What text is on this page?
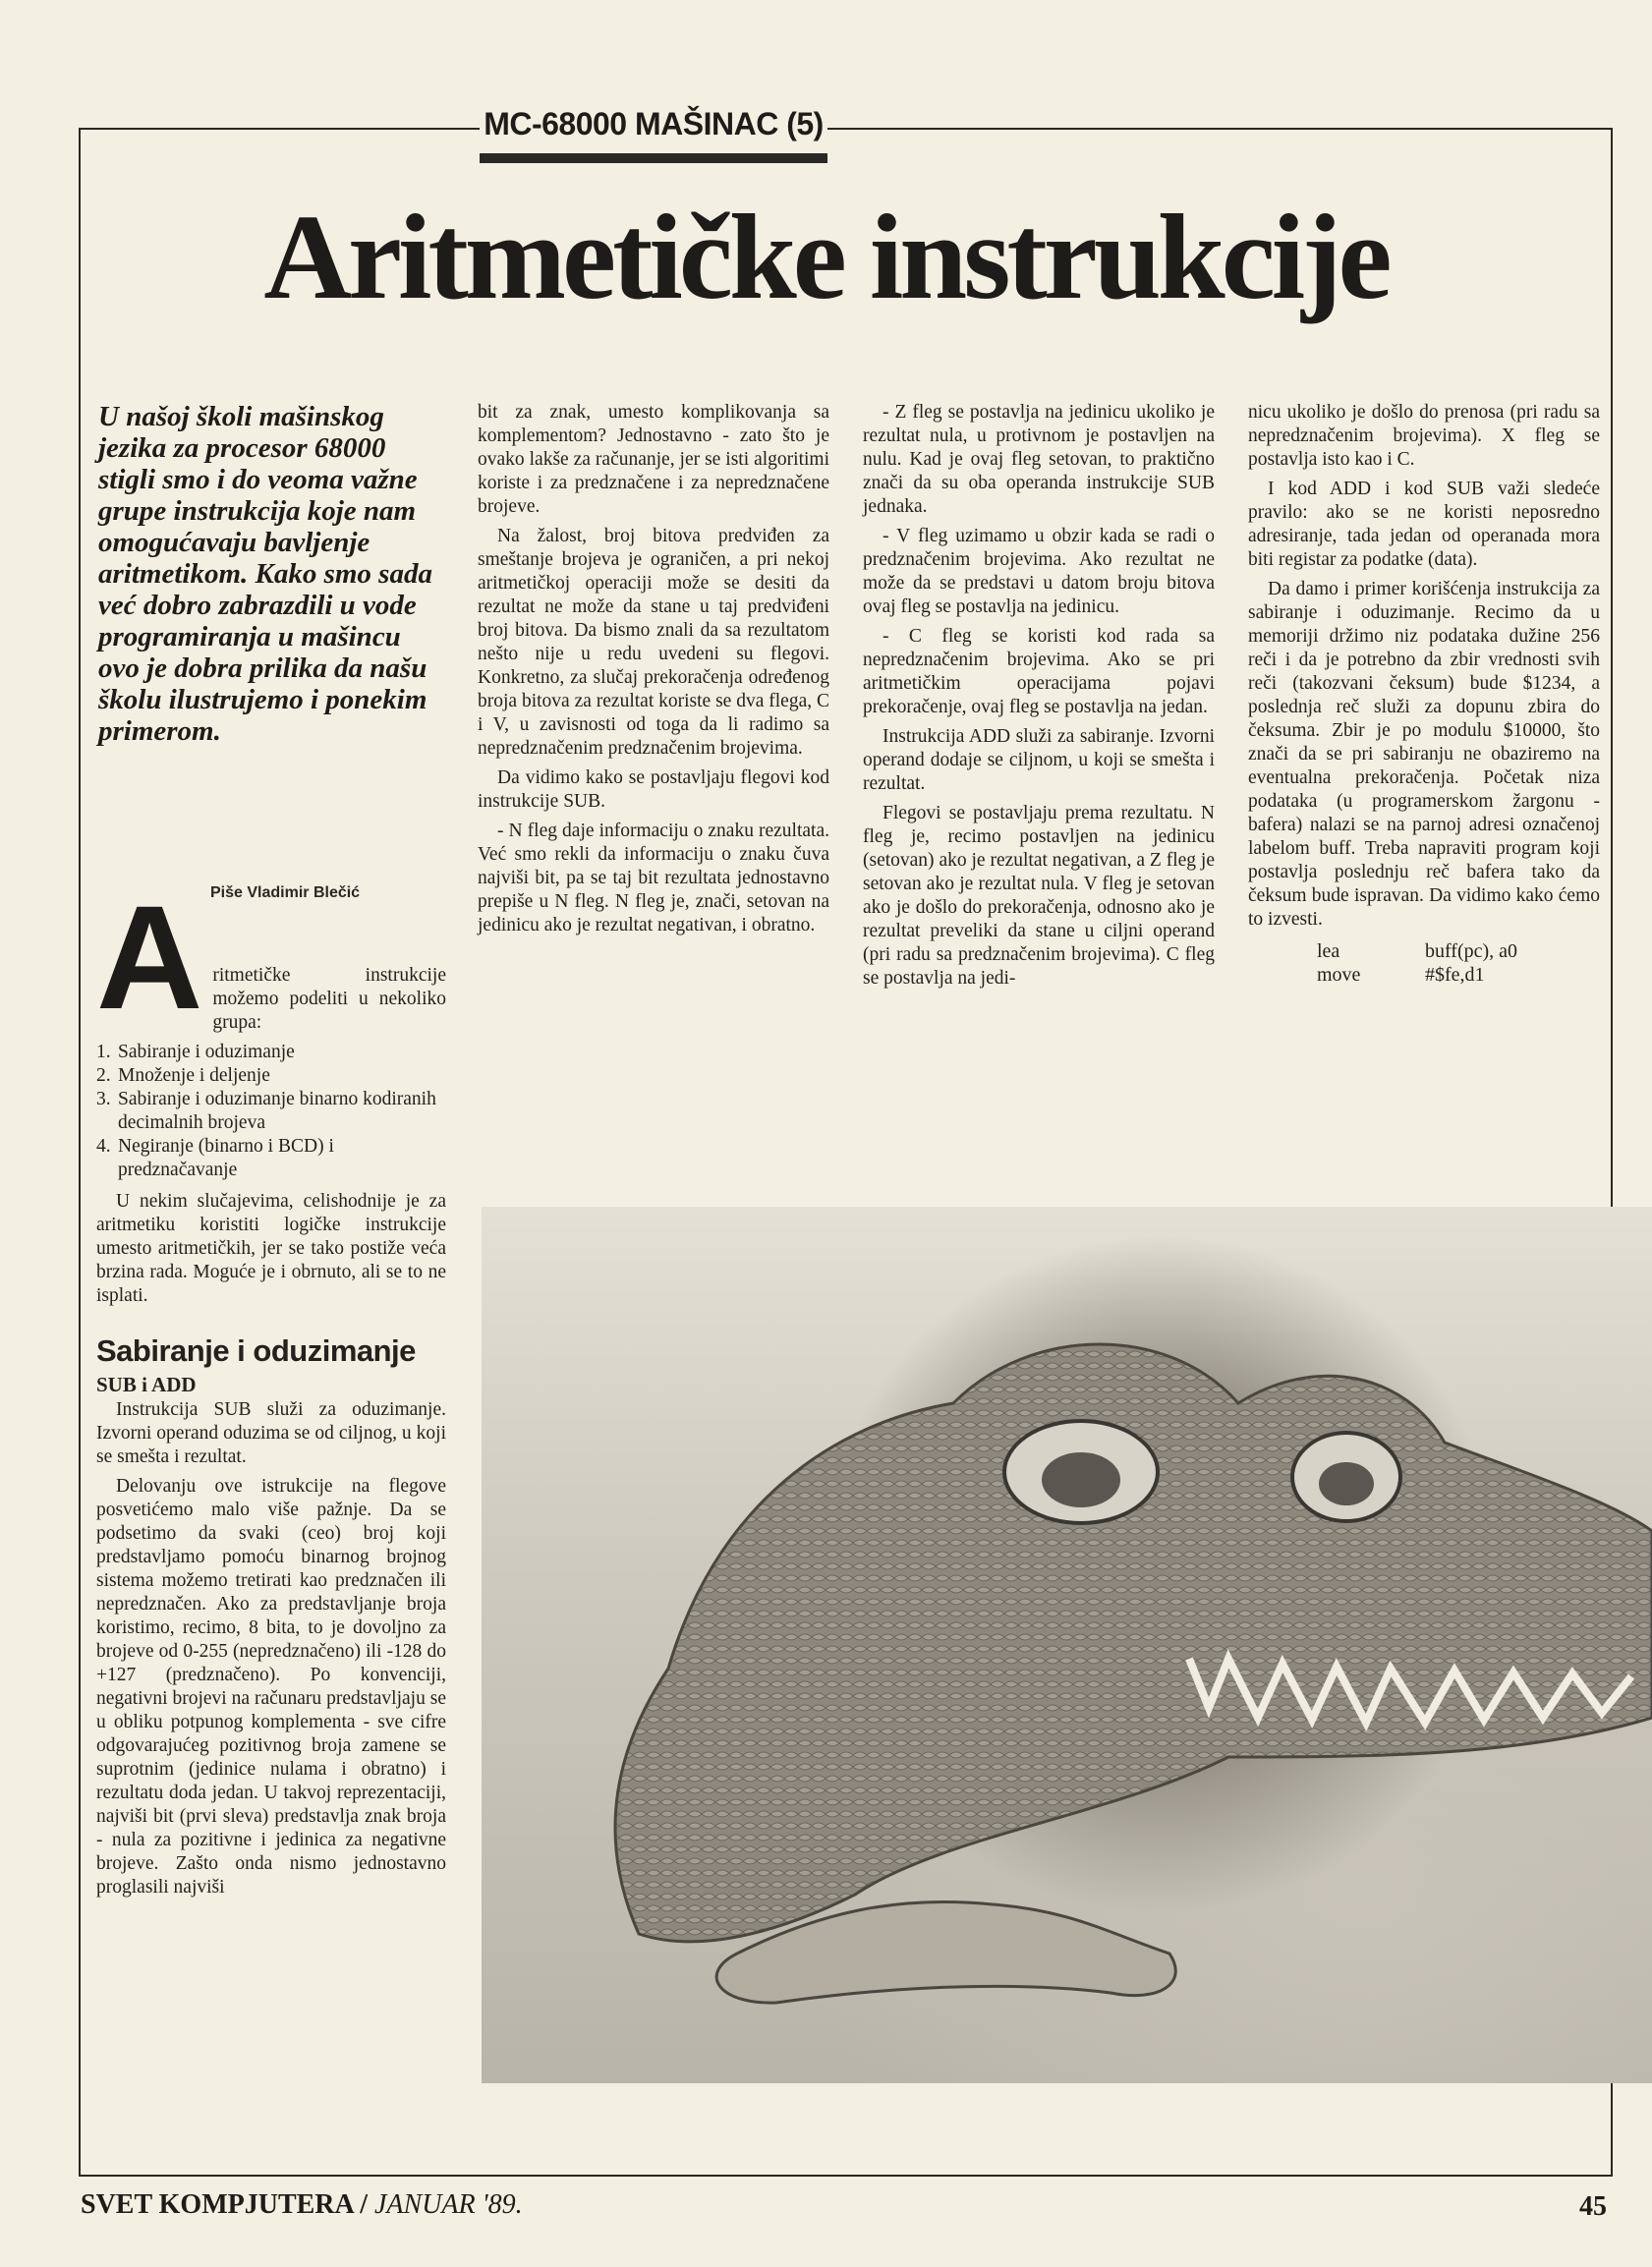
MC-68000 MAŠINAC (5)
Aritmetičke instrukcije

U našoj školi mašinskog jezika za procesor 68000 stigli smo i do veoma važne grupe instrukcija koje nam omogućavaju bavljenje aritmetikom. Kako smo sada već dobro zabrazdili u vode programiranja u mašincu ovo je dobra prilika da našu školu ilustrujemo i ponekim primerom.

Piše Vladimir Blečić
A ritmetičke instrukcije možemo podeliti u nekoliko grupa:

1. Sabiranje i oduzimanje
2. Množenje i deljenje
3. Sabiranje i oduzimanje binarno kodiranih decimalnih brojeva
4. Negiranje (binarno i BCD) i predznačavanje

U nekim slučajevima, celishodnije je za aritmetiku koristiti logičke instrukcije umesto aritmetičkih, jer se tako postiže veća brzina rada. Moguće je i obrnuto, ali se to ne isplati.

Sabiranje i oduzimanje
SUB i ADD

Instrukcija SUB služi za oduzimanje. Izvorni operand oduzima se od ciljnog, u koji se smešta i rezultat.

Delovanju ove istrukcije na flegove posvetićemo malo više pažnje. Da se podsetimo da svaki (ceo) broj koji predstavljamo pomoću binarnog brojnog sistema možemo tretirati kao predznačen ili nepredznačen. Ako za predstavljanje broja koristimo, recimo, 8 bita, to je dovoljno za brojeve od 0-255 (nepredznačeno) ili -128 do +127 (predznačeno). Po konvenciji, negativni brojevi na računaru predstavljaju se u obliku potpunog komplementa - sve cifre odgovarajućeg pozitivnog broja zamene se suprotnim (jedinice nulama i obratno) i rezultatu doda jedan. U takvoj reprezentaciji, najviši bit (prvi sleva) predstavlja znak broja - nula za pozitivne i jedinica za negativne brojeve. Zašto onda nismo jednostavno proglasili najviši

bit za znak, umesto komplikovanja sa komplementom? Jednostavno - zato što je ovako lakše za računanje, jer se isti algoritimi koriste i za predznačene i za nepredznačene brojeve.

Na žalost, broj bitova predviđen za smeštanje brojeva je ograničen, a pri nekoj aritmetičkoj operaciji može se desiti da rezultat ne može da stane u taj predviđeni broj bitova. Da bismo znali da sa rezultatom nešto nije u redu uvedeni su flegovi. Konkretno, za slučaj prekoračenja određenog broja bitova za rezultat koriste se dva flega, C i V, u zavisnosti od toga da li radimo sa nepredznačenim predznačenim brojevima.

Da vidimo kako se postavljaju flegovi kod instrukcije SUB.

- N fleg daje informaciju o znaku rezultata. Već smo rekli da informaciju o znaku čuva najviši bit, pa se taj bit rezultata jednostavno prepiše u N fleg. N fleg je, znači, setovan na jedinicu ako je rezultat negativan, i obratno.

- Z fleg se postavlja na jedinicu ukoliko je rezultat nula, u protivnom je postavljen na nulu. Kad je ovaj fleg setovan, to praktično znači da su oba operanda instrukcije SUB jednaka.

- V fleg uzimamo u obzir kada se radi o predznačenim brojevima. Ako rezultat ne može da se predstavi u datom broju bitova ovaj fleg se postavlja na jedinicu.

- C fleg se koristi kod rada sa nepredznačenim brojevima. Ako se pri aritmetičkim operacijama pojavi prekoračenje, ovaj fleg se postavlja na jedan.

Instrukcija ADD služi za sabiranje. Izvorni operand dodaje se ciljnom, u koji se smešta i rezultat.

Flegovi se postavljaju prema rezultatu. N fleg je, recimo postavljen na jedinicu (setovan) ako je rezultat negativan, a Z fleg je setovan ako je rezultat nula. V fleg je setovan ako je došlo do prekoračenja, odnosno ako je rezultat preveliki da stane u ciljni operand (pri radu sa predznačenim brojevima). C fleg se postavlja na jedi-

nicu ukoliko je došlo do prenosa (pri radu sa nepredznačenim brojevima). X fleg se postavlja isto kao i C.

I kod ADD i kod SUB važi sledeće pravilo: ako se ne koristi neposredno adresiranje, tada jedan od operanada mora biti registar za podatke (data).

Da damo i primer korišćenja instrukcija za sabiranje i oduzimanje. Recimo da u memoriji držimo niz podataka dužine 256 reči i da je potrebno da zbir vrednosti svih reči (takozvani čeksum) bude $1234, a poslednja reč služi za dopunu zbira do čeksuma. Zbir je po modulu $10000, što znači da se pri sabiranju ne obaziremo na eventualna prekoračenja. Početak niza podataka (u programerskom žargonu - bafera) nalazi se na parnoj adresi označenoj labelom buff. Treba napraviti program koji postavlja poslednju reč bafera tako da čeksum bude ispravan. Da vidimo kako ćemo to izvesti.

lea	buff(pc), a0
move	#$fe,d1
SVET KOMPJUTERA / JANUAR '89.	45
